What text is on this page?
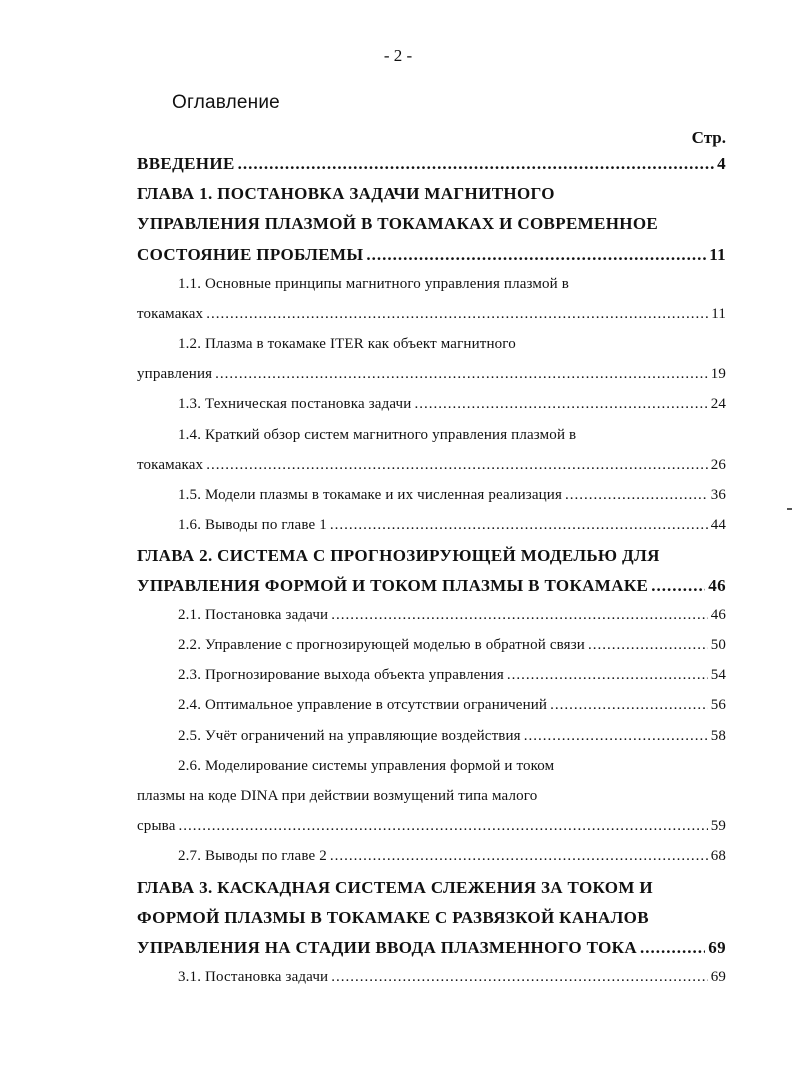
- 2 -
Оглавление
Стр.
ВВЕДЕНИЕ .....	4
ГЛАВА 1. ПОСТАНОВКА ЗАДАЧИ МАГНИТНОГО
УПРАВЛЕНИЯ ПЛАЗМОЙ В ТОКАМАКАХ И СОВРЕМЕННОЕ
СОСТОЯНИЕ ПРОБЛЕМЫ .....	11
1.1. Основные принципы магнитного управления плазмой в
токамаках .....	11
1.2. Плазма в токамаке ITER как объект магнитного
управления .....	19
1.3. Техническая постановка задачи .....	24
1.4. Краткий обзор систем магнитного управления плазмой в
токамаках .....	26
1.5. Модели плазмы в токамаке и их численная реализация .....	36
1.6. Выводы по главе 1 .....	44
ГЛАВА 2. СИСТЕМА С ПРОГНОЗИРУЮЩЕЙ МОДЕЛЬЮ ДЛЯ
УПРАВЛЕНИЯ ФОРМОЙ И ТОКОМ ПЛАЗМЫ В ТОКАМАКЕ .....	46
2.1. Постановка задачи .....	46
2.2. Управление с прогнозирующей моделью в обратной связи .....	50
2.3. Прогнозирование выхода объекта управления .....	54
2.4. Оптимальное управление в отсутствии ограничений .....	56
2.5. Учёт ограничений на управляющие воздействия .....	58
2.6. Моделирование системы управления формой и током
плазмы на коде DINA при действии возмущений типа малого
срыва .....	59
2.7. Выводы по главе 2 .....	68
ГЛАВА 3. КАСКАДНАЯ СИСТЕМА СЛЕЖЕНИЯ ЗА ТОКОМ И
ФОРМОЙ ПЛАЗМЫ В ТОКАМАКЕ С РАЗВЯЗКОЙ КАНАЛОВ
УПРАВЛЕНИЯ НА СТАДИИ ВВОДА ПЛАЗМЕННОГО ТОКА .....	69
3.1. Постановка задачи .....	69
